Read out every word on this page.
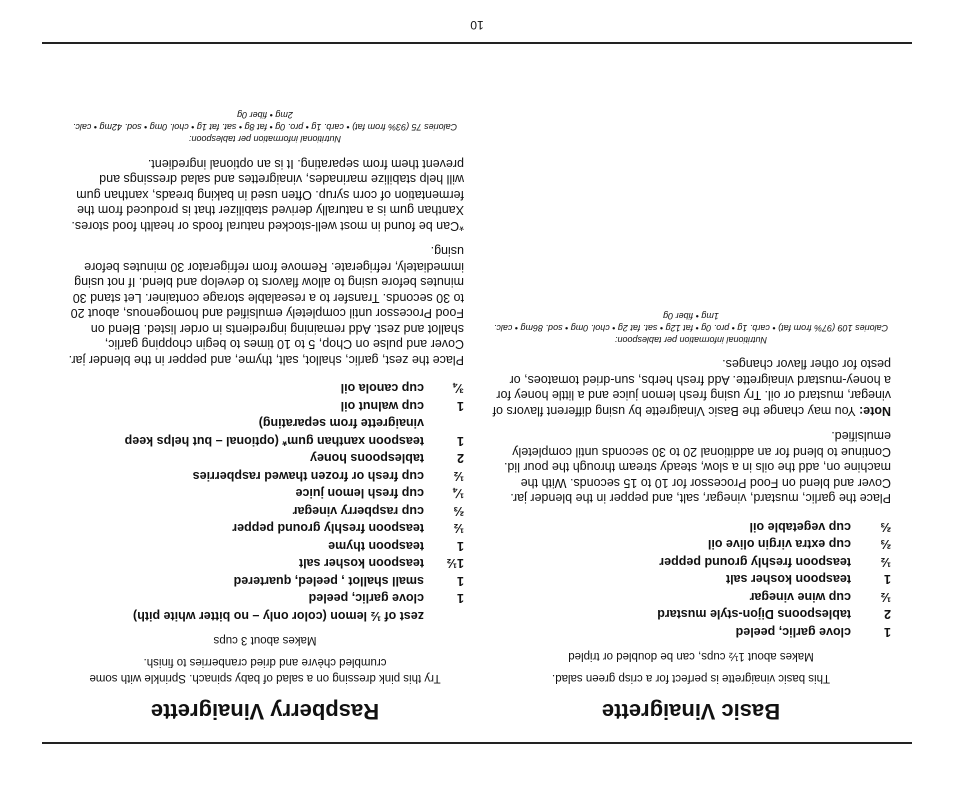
Basic Vinaigrette

This basic vinaigrette is perfect for a crisp green salad.

Makes about 1½ cups, can be doubled or tripled

1
clove garlic, peeled
2
tablespoons Dijon-style mustard
½
cup wine vinegar
1
teaspoon kosher salt
½
teaspoon freshly ground pepper
⅔
cup extra virgin olive oil
⅔
cup vegetable oil

Place the garlic, mustard, vinegar, salt, and pepper in the blender jar. Cover and blend on Food Processor for 10 to 15 seconds. With the machine on, add the oils in a slow, steady stream through the pour lid. Continue to blend for an additional 20 to 30 seconds until completely emulsified.

Note: You may change the Basic Vinaigrette by using different flavors of vinegar, mustard or oil. Try using fresh lemon juice and a little honey for a honey-mustard vinaigrette. Add fresh herbs, sun-dried tomatoes, or pesto for other flavor changes.

Nutritional information per tablespoon:
Calories 109 (97% from fat) • carb. 1g • pro. 0g • fat 12g • sat. fat 2g • chol. 0mg • sod. 86mg • calc. 1mg • fiber 0g
Raspberry Vinaigrette

Try this pink dressing on a salad of baby spinach. Sprinkle with some crumbled chèvre and dried cranberries to finish.

Makes about 3 cups

zest of ½ lemon (color only – no bitter white pith)
1
clove garlic, peeled
1
small shallot , peeled, quartered
1½
teaspoon kosher salt
1
teaspoon thyme
½
teaspoon freshly ground pepper
⅔
cup raspberry vinegar
¼
cup fresh lemon juice
½
cup fresh or frozen thawed raspberries
2
tablespoons honey
1
teaspoon xanthan gum* (optional – but helps keep vinaigrette from separating)
1
cup walnut oil
¾
cup canola oil

Place the zest, garlic, shallot, salt, thyme, and pepper in the blender jar. Cover and pulse on Chop, 5 to 10 times to begin chopping garlic, shallot and zest. Add remaining ingredients in order listed. Blend on Food Processor until completely emulsified and homogenous, about 20 to 30 seconds. Transfer to a resealable storage container. Let stand 30 minutes before using to allow flavors to develop and blend. If not using immediately, refrigerate. Remove from refrigerator 30 minutes before using.

*Can be found in most well-stocked natural foods or health food stores. Xanthan gum is a naturally derived stabilizer that is produced from the fermentation of corn syrup. Often used in baking breads, xanthan gum will help stabilize marinades, vinaigrettes and salad dressings and prevent them from separating. It is an optional ingredient.

Nutritional information per tablespoon:
Calories 75 (93% from fat) • carb. 1g • pro. 0g • fat 8g • sat. fat 1g • chol. 0mg • sod. 42mg • calc. 2mg • fiber 0g
10
